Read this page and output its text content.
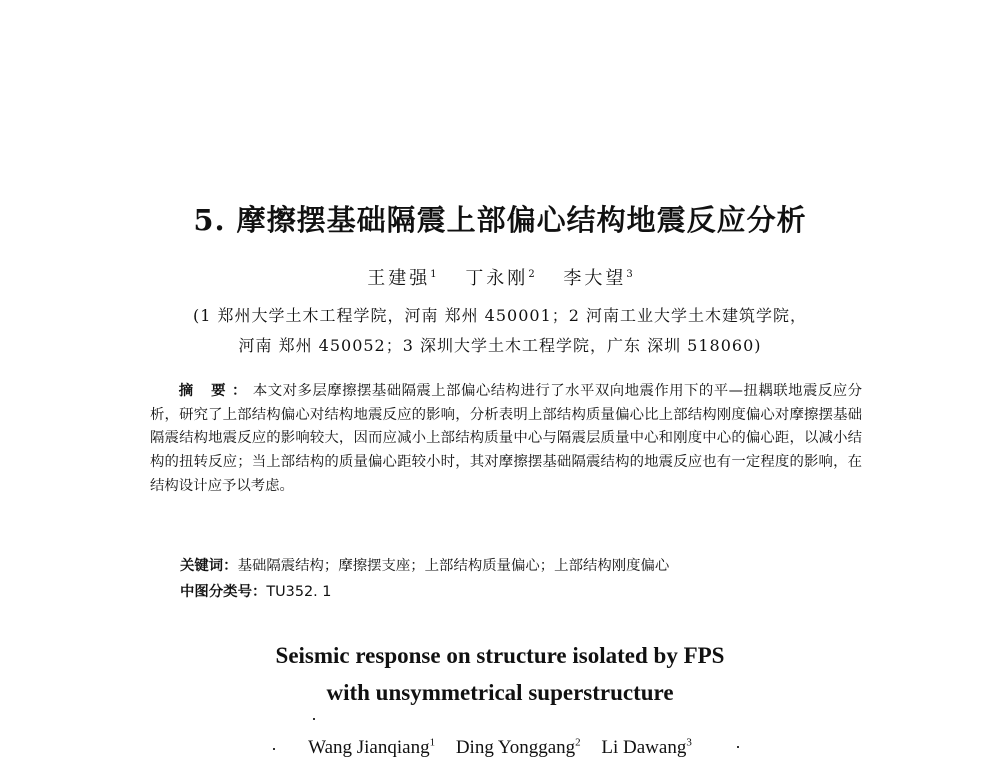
5. 摩擦摆基础隔震上部偏心结构地震反应分析
王建强$^1$ 丁永刚$^2$ 李大望$^3$
(1 郑州大学土木工程学院，河南 郑州 450001；2 河南工业大学土木建筑学院，
河南 郑州 450052；3 深圳大学土木工程学院，广东 深圳 518060)
摘 要：本文对多层摩擦摆基础隔震上部偏心结构进行了水平双向地震作用下的平—扭耦联地震反应分析，研究了上部结构偏心对结构地震反应的影响，分析表明上部结构质量偏心比上部结构刚度偏心对摩擦摆基础隔震结构地震反应的影响较大，因而应减小上部结构质量中心与隔震层质量中心和刚度中心的偏心距，以减小结构的扭转反应；当上部结构的质量偏心距较小时，其对摩擦摆基础隔震结构的地震反应也有一定程度的影响，在结构设计应予以考虑。
关键词：基础隔震结构；摩擦摆支座；上部结构质量偏心；上部结构刚度偏心
中图分类号：TU352. 1
Seismic response on structure isolated by FPS
with unsymmetrical superstructure
Wang Jianqiang$^1$ Ding Yonggang$^2$ Li Dawang$^3$
